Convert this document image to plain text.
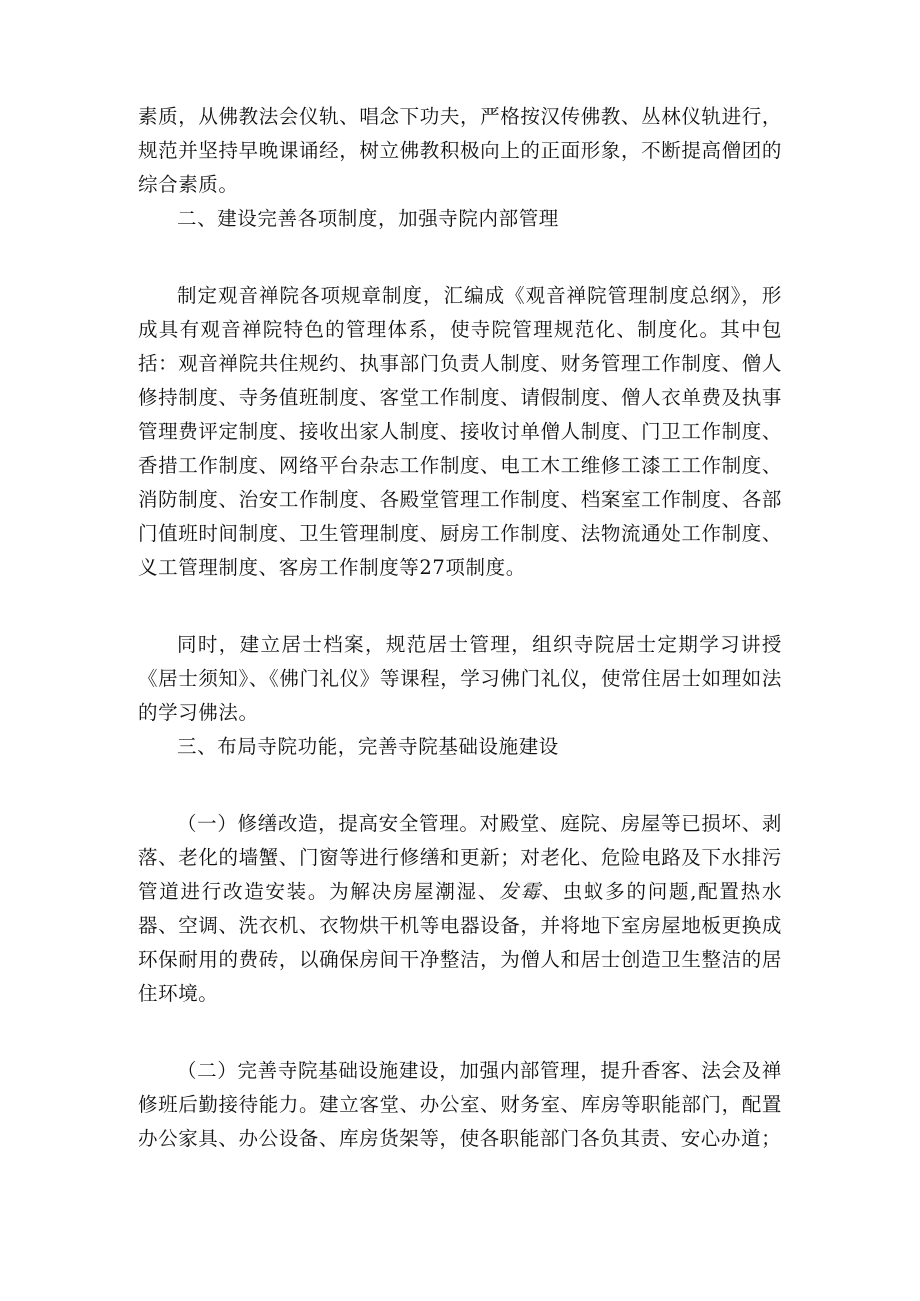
素质，从佛教法会仪轨、唱念下功夫，严格按汉传佛教、丛林仪轨进行，规范并坚持早晚课诵经，树立佛教积极向上的正面形象，不断提高僧团的综合素质。

二、建设完善各项制度，加强寺院内部管理

制定观音禅院各项规章制度，汇编成《观音禅院管理制度总纲》，形成具有观音禅院特色的管理体系，使寺院管理规范化、制度化。其中包括：观音禅院共住规约、执事部门负责人制度、财务管理工作制度、僧人修持制度、寺务值班制度、客堂工作制度、请假制度、僧人衣单费及执事管理费评定制度、接收出家人制度、接收讨单僧人制度、门卫工作制度、香措工作制度、网络平台杂志工作制度、电工木工维修工漆工工作制度、消防制度、治安工作制度、各殿堂管理工作制度、档案室工作制度、各部门值班时间制度、卫生管理制度、厨房工作制度、法物流通处工作制度、义工管理制度、客房工作制度等27项制度。

同时，建立居士档案，规范居士管理，组织寺院居士定期学习讲授《居士须知》、《佛门礼仪》等课程，学习佛门礼仪，使常住居士如理如法的学习佛法。

三、布局寺院功能，完善寺院基础设施建设

（一）修缮改造，提高安全管理。对殿堂、庭院、房屋等已损坏、剥落、老化的墙蟹、门窗等进行修缮和更新；对老化、危险电路及下水排污管道进行改造安装。为解决房屋潮湿、发霉、虫蚁多的问题,配置热水器、空调、洗衣机、衣物烘干机等电器设备，并将地下室房屋地板更换成环保耐用的费砖，以确保房间干净整洁，为僧人和居士创造卫生整洁的居住环境。

（二）完善寺院基础设施建设，加强内部管理，提升香客、法会及禅修班后勤接待能力。建立客堂、办公室、财务室、库房等职能部门，配置办公家具、办公设备、库房货架等，使各职能部门各负其责、安心办道；
